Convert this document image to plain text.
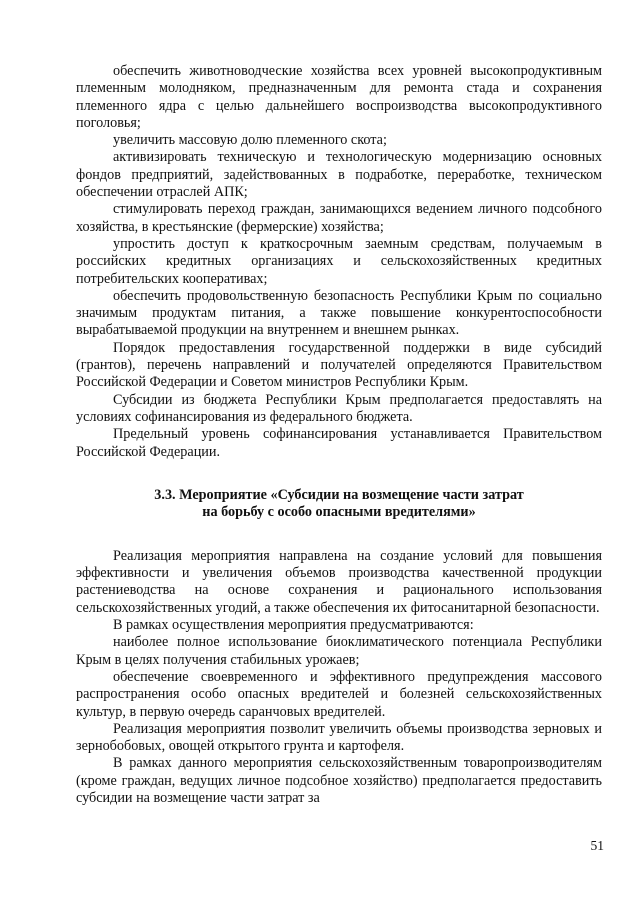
обеспечить животноводческие хозяйства всех уровней высокопродуктивным племенным молодняком, предназначенным для ремонта стада и сохранения племенного ядра с целью дальнейшего воспроизводства высокопродуктивного поголовья;

увеличить массовую долю племенного скота;

активизировать техническую и технологическую модернизацию основных фондов предприятий, задействованных в подработке, переработке, техническом обеспечении отраслей АПК;

стимулировать переход граждан, занимающихся ведением личного подсобного хозяйства, в крестьянские (фермерские) хозяйства;

упростить доступ к краткосрочным заемным средствам, получаемым в российских кредитных организациях и сельскохозяйственных кредитных потребительских кооперативах;

обеспечить продовольственную безопасность Республики Крым по социально значимым продуктам питания, а также повышение конкурентоспособности вырабатываемой продукции на внутреннем и внешнем рынках.

Порядок предоставления государственной поддержки в виде субсидий (грантов), перечень направлений и получателей определяются Правительством Российской Федерации и Советом министров Республики Крым.

Субсидии из бюджета Республики Крым предполагается предоставлять на условиях софинансирования из федерального бюджета.

Предельный уровень софинансирования устанавливается Правительством Российской Федерации.

3.3. Мероприятие «Субсидии на возмещение части затрат
на борьбу с особо опасными вредителями»

Реализация мероприятия направлена на создание условий для повышения эффективности и увеличения объемов производства качественной продукции растениеводства на основе сохранения и рационального использования сельскохозяйственных угодий, а также обеспечения их фитосанитарной безопасности.

В рамках осуществления мероприятия предусматриваются:

наиболее полное использование биоклиматического потенциала Республики Крым в целях получения стабильных урожаев;

обеспечение своевременного и эффективного предупреждения массового распространения особо опасных вредителей и болезней сельскохозяйственных культур, в первую очередь саранчовых вредителей.

Реализация мероприятия позволит увеличить объемы производства зерновых и зернобобовых, овощей открытого грунта и картофеля.

В рамках данного мероприятия сельскохозяйственным товаропроизводителям (кроме граждан, ведущих личное подсобное хозяйство) предполагается предоставить субсидии на возмещение части затрат за

51
